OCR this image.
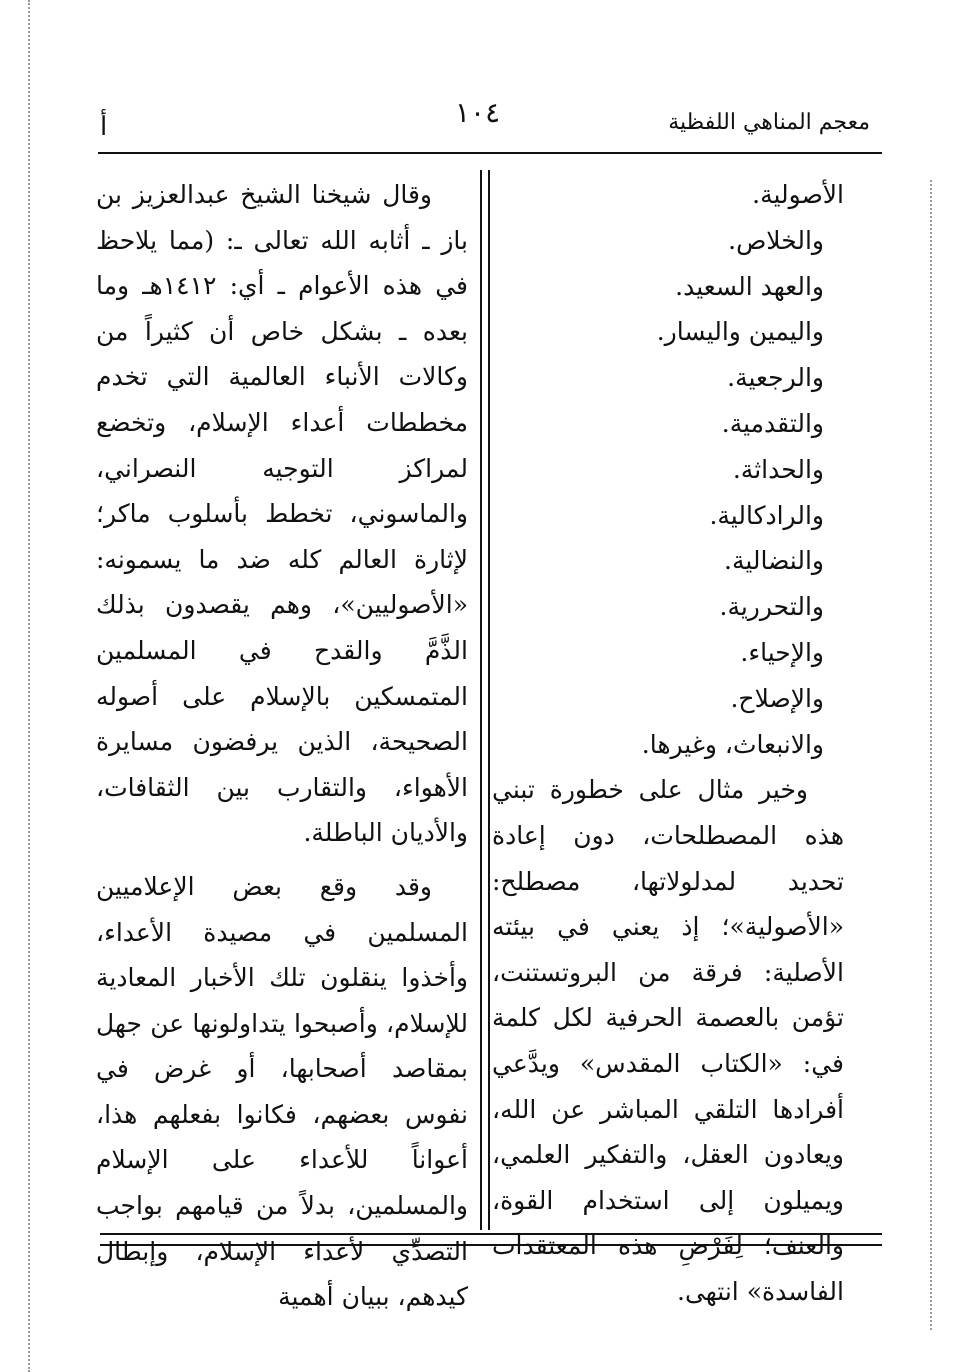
معجم المناهي اللفظية
١٠٤
أ
الأصولية.
والخلاص.
والعهد السعيد.
واليمين واليسار.
والرجعية.
والتقدمية.
والحداثة.
والرادكالية.
والنضالية.
والتحررية.
والإحياء.
والإصلاح.
والانبعاث، وغيرها.

وخير مثال على خطورة تبني هذه المصطلحات، دون إعادة تحديد لمدلولاتها، مصطلح: «الأصولية»؛ إذ يعني في بيئته الأصلية: فرقة من البروتستنت، تؤمن بالعصمة الحرفية لكل كلمة في: «الكتاب المقدس» ويدَّعي أفرادها التلقي المباشر عن الله، ويعادون العقل، والتفكير العلمي، ويميلون إلى استخدام القوة، والعنف؛ لِفَرْضِ هذه المعتقدات الفاسدة» انتهى.

وقال شيخنا الشيخ عبدالعزيز بن باز ـ أثابه الله تعالى ـ: (مما يلاحظ في هذه الأعوام ـ أي: ١٤١٢هـ وما بعده ـ بشكل خاص أن كثيراً من وكالات الأنباء العالمية التي تخدم مخططات أعداء الإسلام، وتخضع لمراكز التوجيه النصراني، والماسوني، تخطط بأسلوب ماكر؛ لإثارة العالم كله ضد ما يسمونه: «الأصوليين»، وهم يقصدون بذلك الذَّمَّ والقدح في المسلمين المتمسكين بالإسلام على أصوله الصحيحة، الذين يرفضون مسايرة الأهواء، والتقارب بين الثقافات، والأديان الباطلة.

وقد وقع بعض الإعلاميين المسلمين في مصيدة الأعداء، وأخذوا ينقلون تلك الأخبار المعادية للإسلام، وأصبحوا يتداولونها عن جهل بمقاصد أصحابها، أو غرض في نفوس بعضهم، فكانوا بفعلهم هذا، أعواناً للأعداء على الإسلام والمسلمين، بدلاً من قيامهم بواجب التصدِّي لأعداء الإسلام، وإبطال كيدهم، ببيان أهمية
